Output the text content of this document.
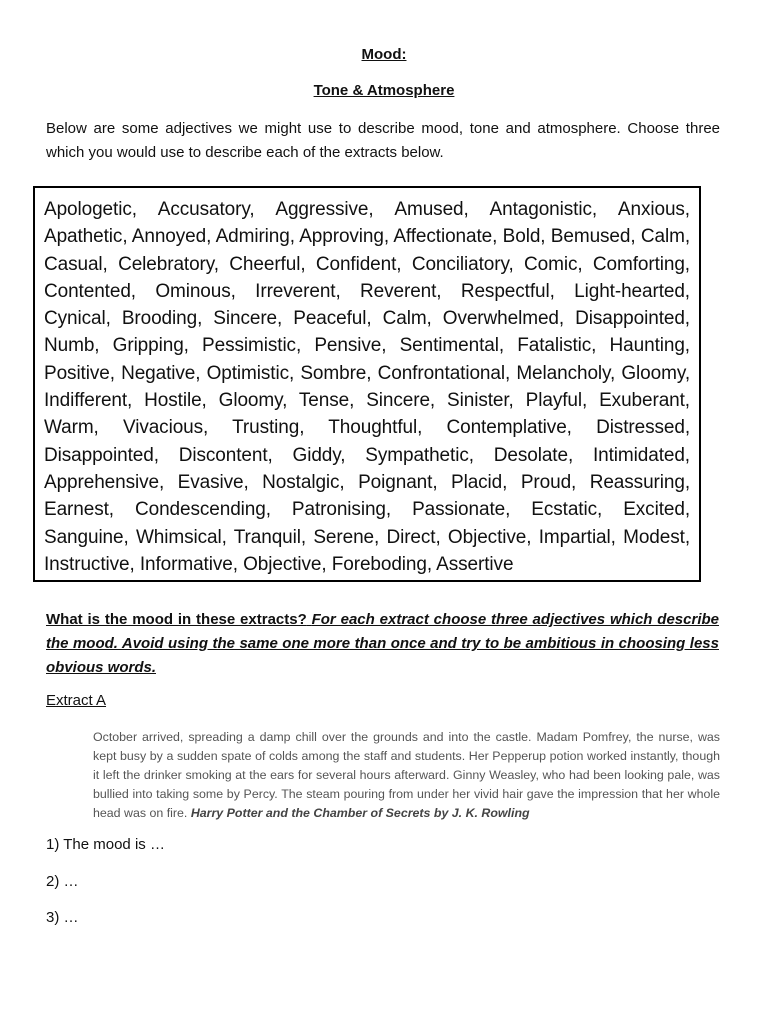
Mood:
Tone & Atmosphere

Below are some adjectives we might use to describe mood, tone and atmosphere. Choose three which you would use to describe each of the extracts below.

Apologetic, Accusatory, Aggressive, Amused, Antagonistic, Anxious, Apathetic, Annoyed, Admiring, Approving, Affectionate, Bold, Bemused, Calm, Casual, Celebratory, Cheerful, Confident, Conciliatory, Comic, Comforting, Contented, Ominous, Irreverent, Reverent, Respectful, Light-hearted, Cynical, Brooding, Sincere, Peaceful, Calm, Overwhelmed, Disappointed, Numb, Gripping, Pessimistic, Pensive, Sentimental, Fatalistic, Haunting, Positive, Negative, Optimistic, Sombre, Confrontational, Melancholy, Gloomy, Indifferent, Hostile, Gloomy, Tense, Sincere, Sinister, Playful, Exuberant, Warm, Vivacious, Trusting, Thoughtful, Contemplative, Distressed, Disappointed, Discontent, Giddy, Sympathetic, Desolate, Intimidated, Apprehensive, Evasive, Nostalgic, Poignant, Placid, Proud, Reassuring, Earnest, Condescending, Patronising, Passionate, Ecstatic, Excited, Sanguine, Whimsical, Tranquil, Serene, Direct, Objective, Impartial, Modest, Instructive, Informative, Objective, Foreboding, Assertive

What is the mood in these extracts? For each extract choose three adjectives which describe the mood. Avoid using the same one more than once and try to be ambitious in choosing less obvious words.

Extract A

October arrived, spreading a damp chill over the grounds and into the castle. Madam Pomfrey, the nurse, was kept busy by a sudden spate of colds among the staff and students. Her Pepperup potion worked instantly, though it left the drinker smoking at the ears for several hours afterward. Ginny Weasley, who had been looking pale, was bullied into taking some by Percy. The steam pouring from under her vivid hair gave the impression that her whole head was on fire. Harry Potter and the Chamber of Secrets by J. K. Rowling

1) The mood is …
2) …
3) …
